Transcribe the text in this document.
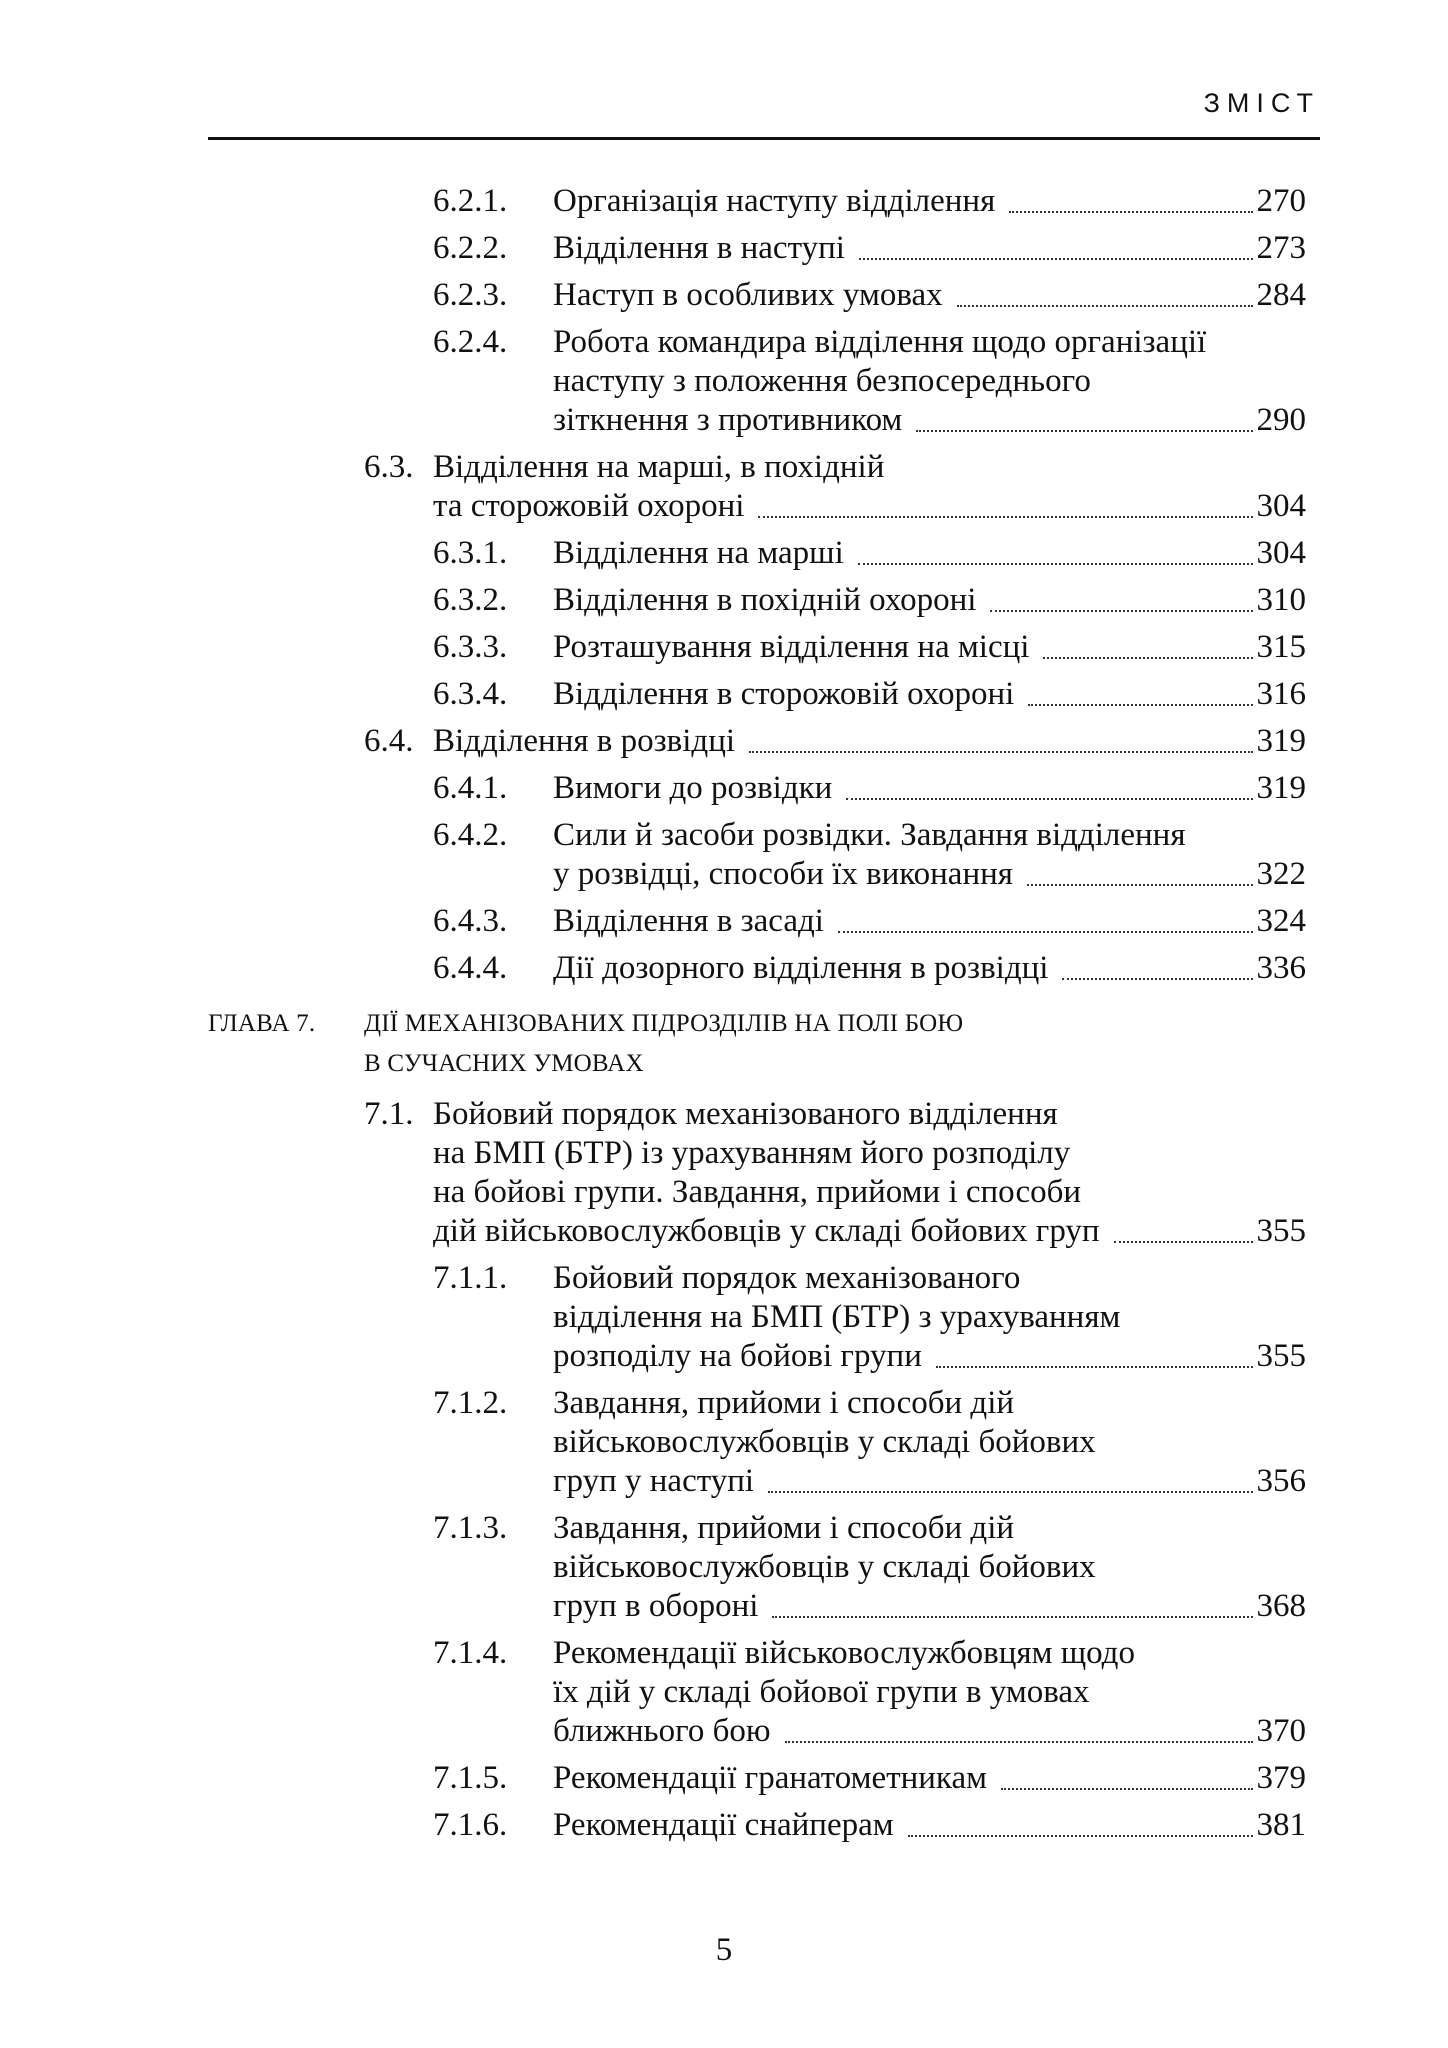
ЗМІСТ
6.2.1. Організація наступу відділення	270
6.2.2. Відділення в наступі	273
6.2.3. Наступ в особливих умовах	284
6.2.4. Робота командира відділення щодо організації
наступу з положення безпосереднього
зіткнення з противником	290
6.3. Відділення на марші, в похідній
та сторожовій охороні	304
6.3.1. Відділення на марші	304
6.3.2. Відділення в похідній охороні	310
6.3.3. Розташування відділення на місці	315
6.3.4. Відділення в сторожовій охороні	316
6.4. Відділення в розвідці	319
6.4.1. Вимоги до розвідки	319
6.4.2. Сили й засоби розвідки. Завдання відділення
у розвідці, способи їх виконання	322
6.4.3. Відділення в засаді	324
6.4.4. Дії дозорного відділення в розвідці	336
7.1. Бойовий порядок механізованого відділення
на БМП (БТР) із урахуванням його розподілу
на бойові групи. Завдання, прийоми і способи
дій військовослужбовців у складі бойових груп	355
7.1.1. Бойовий порядок механізованого
відділення на БМП (БТР) з урахуванням
розподілу на бойові групи	355
7.1.2. Завдання, прийоми і способи дій
військовослужбовців у складі бойових
груп у наступі	356
7.1.3. Завдання, прийоми і способи дій
військовослужбовців у складі бойових
груп в обороні	368
7.1.4. Рекомендації військовослужбовцям щодо
їх дій у складі бойової групи в умовах
ближнього бою	370
7.1.5. Рекомендації гранатометникам	379
7.1.6. Рекомендації снайперам	381
ГЛАВА 7. ДІЇ МЕХАНІЗОВАНИХ ПІДРОЗДІЛІВ НА ПОЛІ БОЮ
В СУЧАСНИХ УМОВАХ
5
